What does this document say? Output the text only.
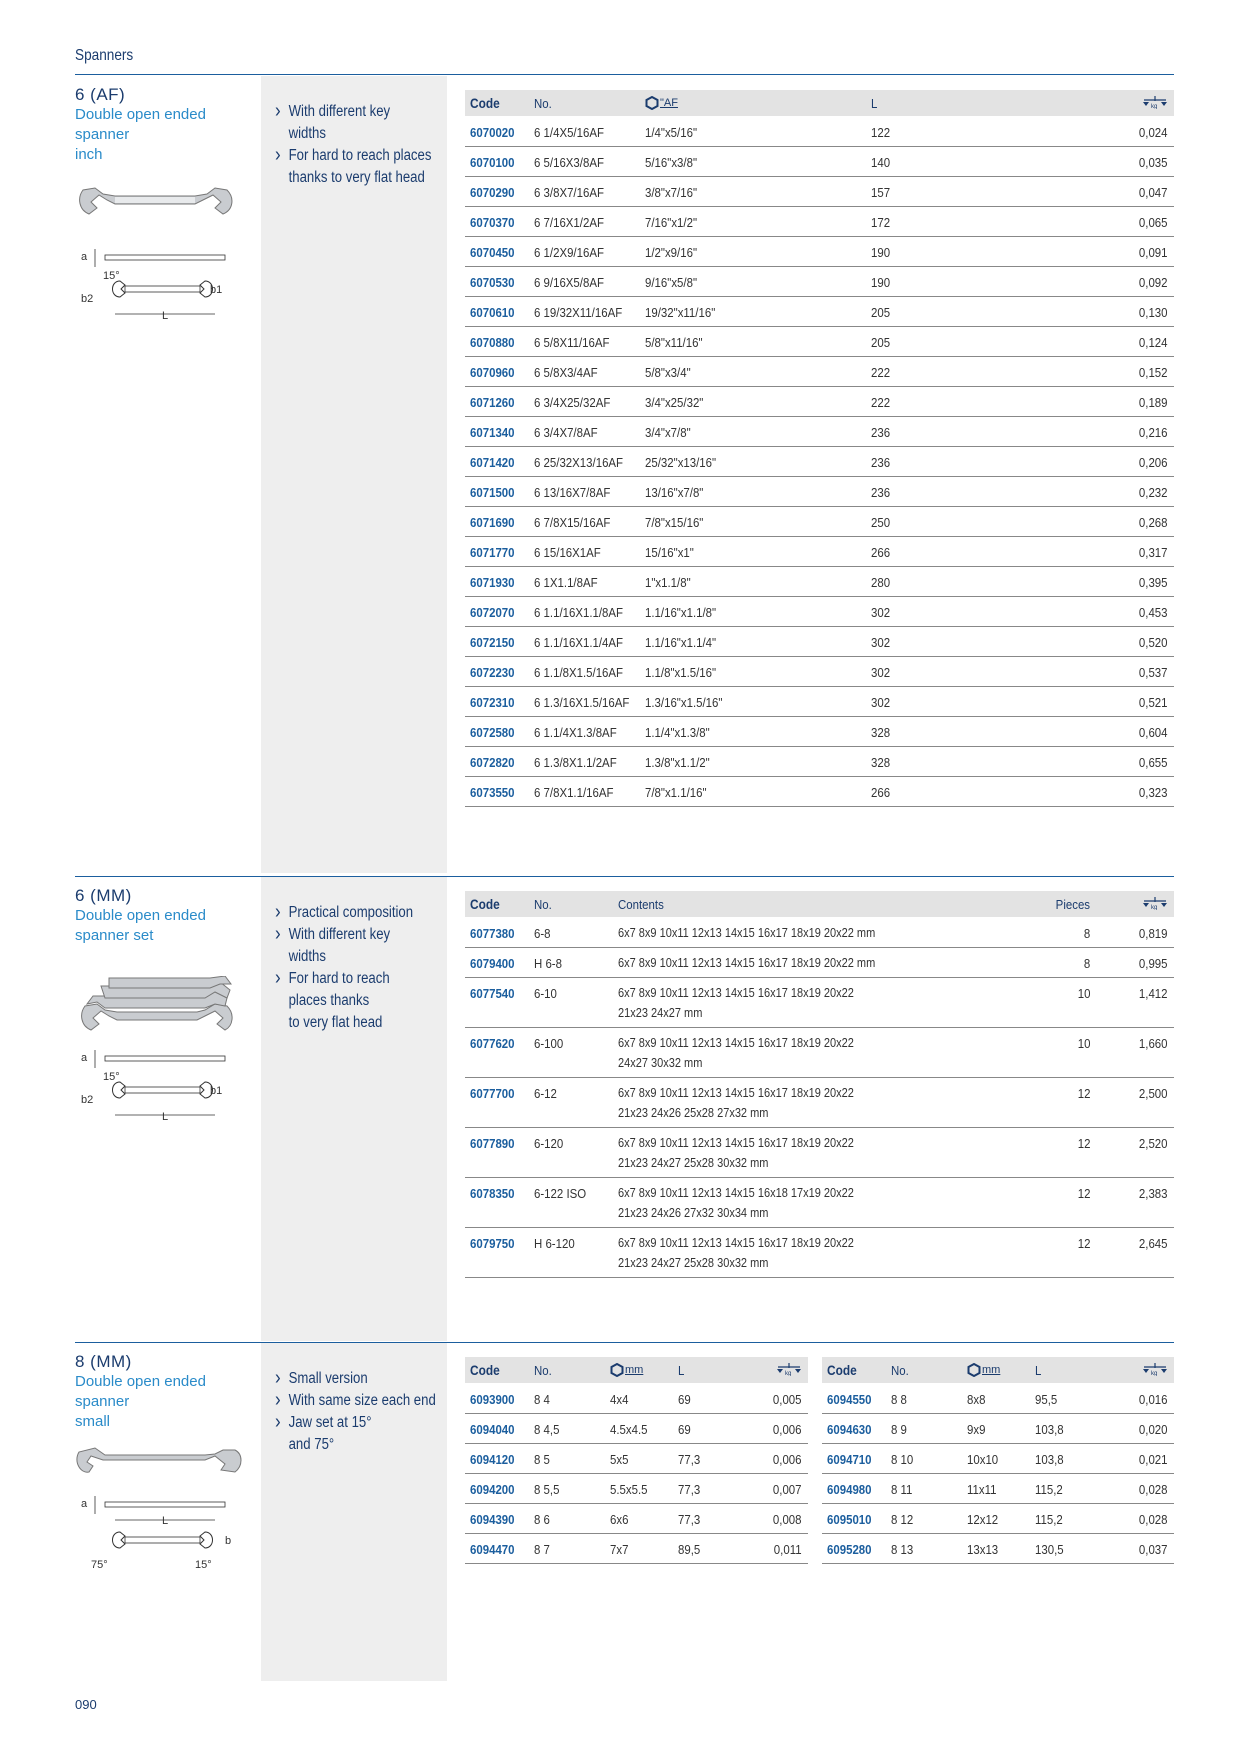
Spanners
6 (AF)
Double open ended
spanner
inch
a
15°
b1
b2
L
› With different key
widths
› For hard to reach places
thanks to very flat head
Code	No.	"AF	L	kg
6070020 6 1/4X5/16AF	1/4"x5/16"	122	0,024
6070100 6 5/16X3/8AF	5/16"x3/8"	140	0,035
6070290 6 3/8X7/16AF	3/8"x7/16"	157	0,047
6070370 6 7/16X1/2AF	7/16"x1/2"	172	0,065
6070450 6 1/2X9/16AF	1/2"x9/16"	190	0,091
6070530 6 9/16X5/8AF	9/16"x5/8"	190	0,092
6070610 6 19/32X11/16AF 19/32"x11/16"	205	0,130
6070880 6 5/8X11/16AF	5/8"x11/16"	205	0,124
6070960 6 5/8X3/4AF	5/8"x3/4"	222	0,152
6071260 6 3/4X25/32AF	3/4"x25/32"	222	0,189
6071340 6 3/4X7/8AF	3/4"x7/8"	236	0,216
6071420 6 25/32X13/16AF 25/32"x13/16"	236	0,206
6071500 6 13/16X7/8AF	13/16"x7/8"	236	0,232
6071690 6 7/8X15/16AF	7/8"x15/16"	250	0,268
6071770 6 15/16X1AF	15/16"x1"	266	0,317
6071930 6 1X1.1/8AF	1"x1.1/8"	280	0,395
6072070 6 1.1/16X1.1/8AF 1.1/16"x1.1/8"	302	0,453
6072150 6 1.1/16X1.1/4AF 1.1/16"x1.1/4"	302	0,520
6072230 6 1.1/8X1.5/16AF 1.1/8"x1.5/16"	302	0,537
6072310 6 1.3/16X1.5/16AF 1.3/16"x1.5/16"	302	0,521
6072580 6 1.1/4X1.3/8AF 1.1/4"x1.3/8"	328	0,604
6072820 6 1.3/8X1.1/2AF 1.3/8"x1.1/2"	328	0,655
6073550 6 7/8X1.1/16AF 7/8"x1.1/16"	266	0,323
6 (MM)
Double open ended
spanner set
a
15°
b1
b2
L
› Practical composition
› With different key
widths
› For hard to reach
places thanks
to very flat head
Code	No.	Contents	Pieces	kg
6077380 6-8	6x7 8x9 10x11 12x13 14x15 16x17 18x19 20x22 mm	8	0,819
6079400 H 6-8	6x7 8x9 10x11 12x13 14x15 16x17 18x19 20x22 mm	8	0,995
6077540 6-10	6x7 8x9 10x11 12x13 14x15 16x17 18x19 20x22
21x23 24x27 mm
10	1,412
6077620 6-100	6x7 8x9 10x11 12x13 14x15 16x17 18x19 20x22
24x27 30x32 mm
10	1,660
6077700 6-12	6x7 8x9 10x11 12x13 14x15 16x17 18x19 20x22
21x23 24x26 25x28 27x32 mm
12	2,500
6077890 6-120	6x7 8x9 10x11 12x13 14x15 16x17 18x19 20x22
21x23 24x27 25x28 30x32 mm
12	2,520
6078350 6-122 ISO	6x7 8x9 10x11 12x13 14x15 16x18 17x19 20x22
21x23 24x26 27x32 30x34 mm
12	2,383
6079750 H 6-120	6x7 8x9 10x11 12x13 14x15 16x17 18x19 20x22
21x23 24x27 25x28 30x32 mm
12	2,645
8 (MM)
Double open ended
spanner
small
a
L
b
75°	15°
› Small version
› With same size each end
› Jaw set at 15°
and 75°
Code	No.	mm	L	kg
6093900 8 4	4x4	69	0,005
6094040 8 4,5	4.5x4.5 69	0,006
6094120 8 5	5x5	77,3	0,006
6094200 8 5,5	5.5x5.5 77,3	0,007
6094390 8 6	6x6	77,3	0,008
6094470 8 7	7x7	89,5	0,011
Code	No.	mm	L	kg
6094550 8 8	8x8	95,5	0,016
6094630 8 9	9x9	103,8	0,020
6094710 8 10	10x10	103,8	0,021
6094980 8 11	11x11	115,2	0,028
6095010 8 12	12x12	115,2	0,028
6095280 8 13	13x13	130,5	0,037
090
